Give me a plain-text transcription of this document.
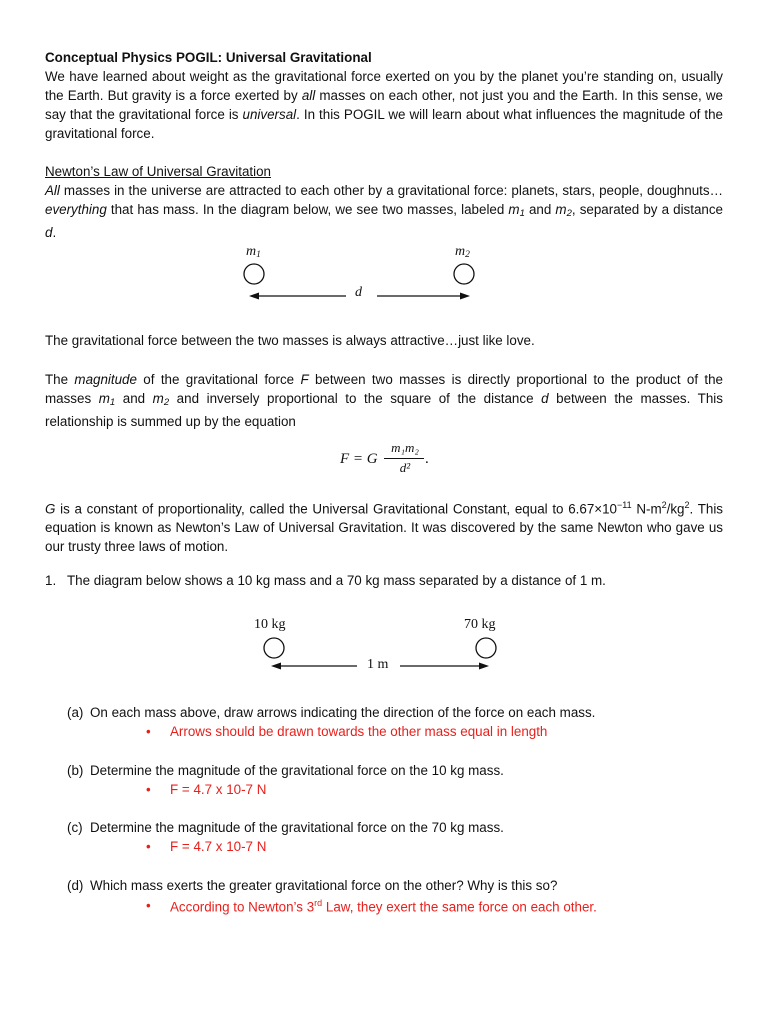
Conceptual Physics POGIL: Universal Gravitational
We have learned about weight as the gravitational force exerted on you by the planet you’re standing on, usually the Earth. But gravity is a force exerted by all masses on each other, not just you and the Earth. In this sense, we say that the gravitational force is universal. In this POGIL we will learn about what influences the magnitude of the gravitational force.

Newton’s Law of Universal Gravitation
All masses in the universe are attracted to each other by a gravitational force: planets, stars, people, doughnuts…everything that has mass. In the diagram below, we see two masses, labeled $m_1$ and $m_2$, separated by a distance d.
$m_1$	$m_2$
d
The gravitational force between the two masses is always attractive…just like love.
The magnitude of the gravitational force F between two masses is directly proportional to the product of the masses $m_1$ and $m_2$ and inversely proportional to the square of the distance d between the masses. This relationship is summed up by the equation
F = G
m₁m₂
d²
.
G is a constant of proportionality, called the Universal Gravitational Constant, equal to $6.67\times 10^{-11}$ $N-m^2/kg^2$. This equation is known as Newton’s Law of Universal Gravitation. It was discovered by the same Newton who gave us our trusty three laws of motion.
1. The diagram below shows a 10 kg mass and a 70 kg mass separated by a distance of 1 m.
10 kg	70 kg
1 m
(a) On each mass above, draw arrows indicating the direction of the force on each mass.
• Arrows should be drawn towards the other mass equal in length
(b) Determine the magnitude of the gravitational force on the 10 kg mass.
• F = 4.7 x 10-7 N
(c) Determine the magnitude of the gravitational force on the 70 kg mass.
• F = 4.7 x 10-7 N
(d) Which mass exerts the greater gravitational force on the other? Why is this so?
• According to Newton’s 3rd Law, they exert the same force on each other.
